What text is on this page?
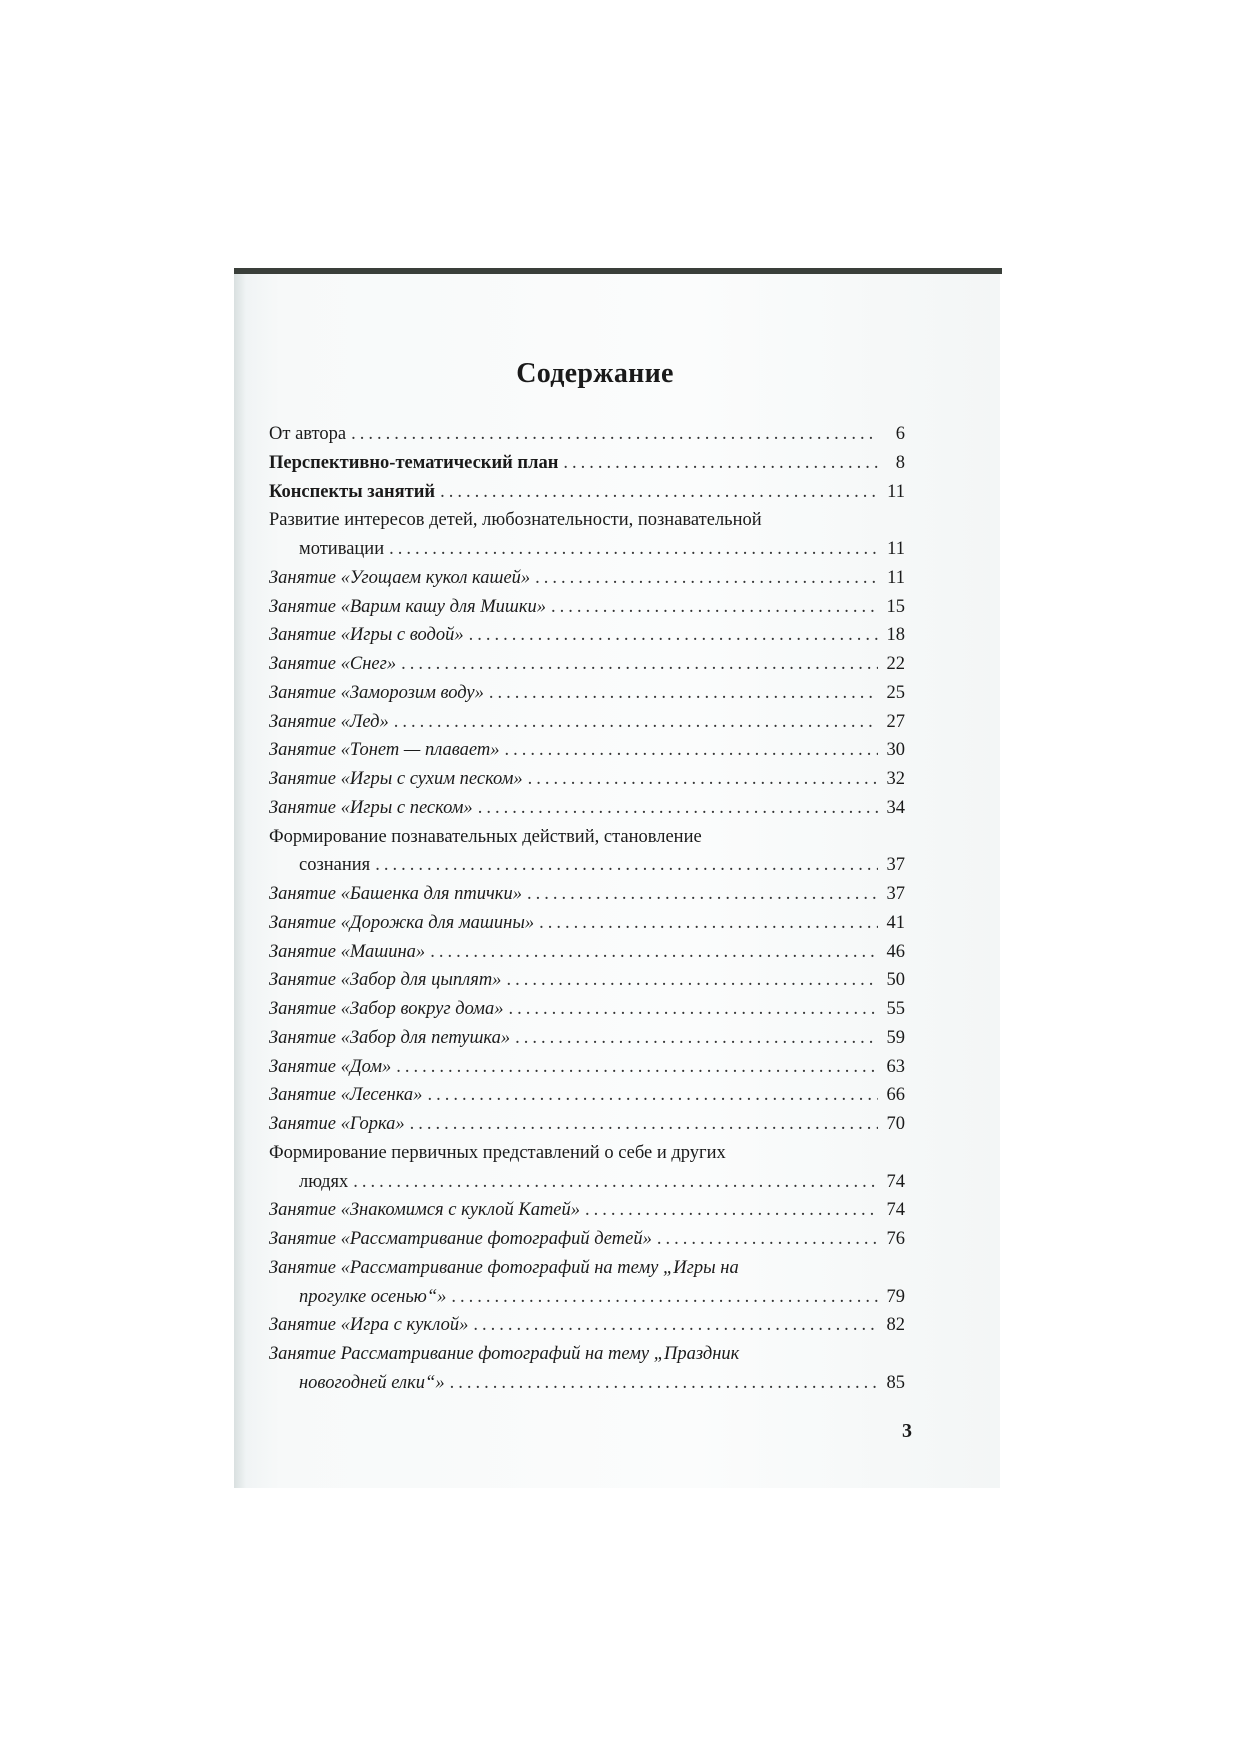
Содержание
От автора .....	6
Перспективно-тематический план .....	8
Конспекты занятий .....	11
Развитие интересов детей, любознательности, познавательной
мотивации .....	11
Занятие «Угощаем кукол кашей» .....	11
Занятие «Варим кашу для Мишки» .....	15
Занятие «Игры с водой» .....	18
Занятие «Снег» .....	22
Занятие «Заморозим воду» .....	25
Занятие «Лед» .....	27
Занятие «Тонет — плавает» .....	30
Занятие «Игры с сухим песком» .....	32
Занятие «Игры с песком» .....	34
Формирование познавательных действий, становление
сознания .....	37
Занятие «Башенка для птички» .....	37
Занятие «Дорожка для машины» .....	41
Занятие «Машина» .....	46
Занятие «Забор для цыплят» .....	50
Занятие «Забор вокруг дома» .....	55
Занятие «Забор для петушка» .....	59
Занятие «Дом» .....	63
Занятие «Лесенка» .....	66
Занятие «Горка» .....	70
Формирование первичных представлений о себе и других
людях .....	74
Занятие «Знакомимся с куклой Катей» .....	74
Занятие «Рассматривание фотографий детей» .....	76
Занятие «Рассматривание фотографий на тему „Игры на
прогулке осенью“» .....	79
Занятие «Игра с куклой» .....	82
Занятие Рассматривание фотографий на тему „Праздник
новогодней елки“» .....	85
3
